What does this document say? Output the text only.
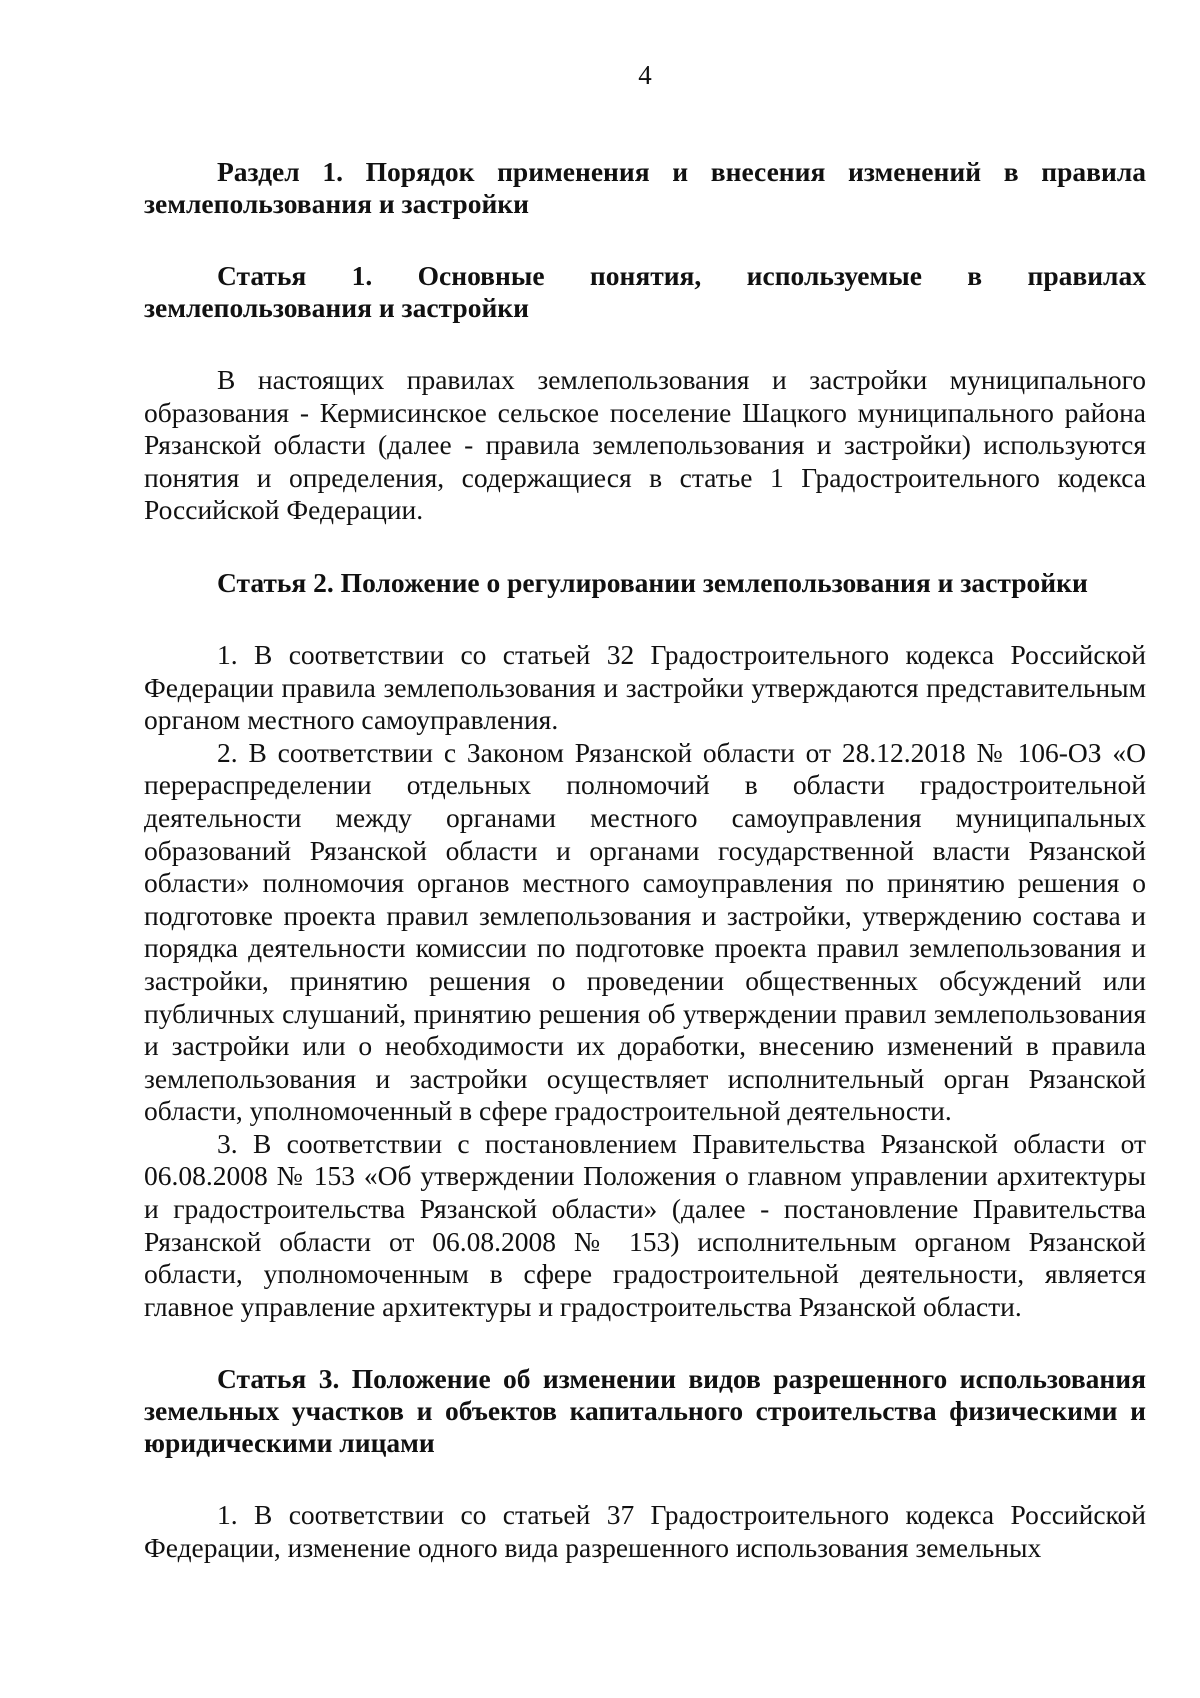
4

Раздел 1. Порядок применения и внесения изменений в правила землепользования и застройки

Статья 1. Основные понятия, используемые в правилах землепользования и застройки

В настоящих правилах землепользования и застройки муниципального образования - Кермисинское сельское поселение Шацкого муниципального района Рязанской области (далее - правила землепользования и застройки) используются понятия и определения, содержащиеся в статье 1 Градостроительного кодекса Российской Федерации.

Статья 2. Положение о регулировании землепользования и застройки

1. В соответствии со статьей 32 Градостроительного кодекса Российской Федерации правила землепользования и застройки утверждаются представительным органом местного самоуправления.

2. В соответствии с Законом Рязанской области от 28.12.2018 № 106-ОЗ «О перераспределении отдельных полномочий в области градостроительной деятельности между органами местного самоуправления муниципальных образований Рязанской области и органами государственной власти Рязанской области» полномочия органов местного самоуправления по принятию решения о подготовке проекта правил землепользования и застройки, утверждению состава и порядка деятельности комиссии по подготовке проекта правил землепользования и застройки, принятию решения о проведении общественных обсуждений или публичных слушаний, принятию решения об утверждении правил землепользования и застройки или о необходимости их доработки, внесению изменений в правила землепользования и застройки осуществляет исполнительный орган Рязанской области, уполномоченный в сфере градостроительной деятельности.

3. В соответствии с постановлением Правительства Рязанской области от 06.08.2008 № 153 «Об утверждении Положения о главном управлении архитектуры и градостроительства Рязанской области» (далее - постановление Правительства Рязанской области от 06.08.2008 № 153) исполнительным органом Рязанской области, уполномоченным в сфере градостроительной деятельности, является главное управление архитектуры и градостроительства Рязанской области.

Статья 3. Положение об изменении видов разрешенного использования земельных участков и объектов капитального строительства физическими и юридическими лицами

1. В соответствии со статьей 37 Градостроительного кодекса Российской Федерации, изменение одного вида разрешенного использования земельных
